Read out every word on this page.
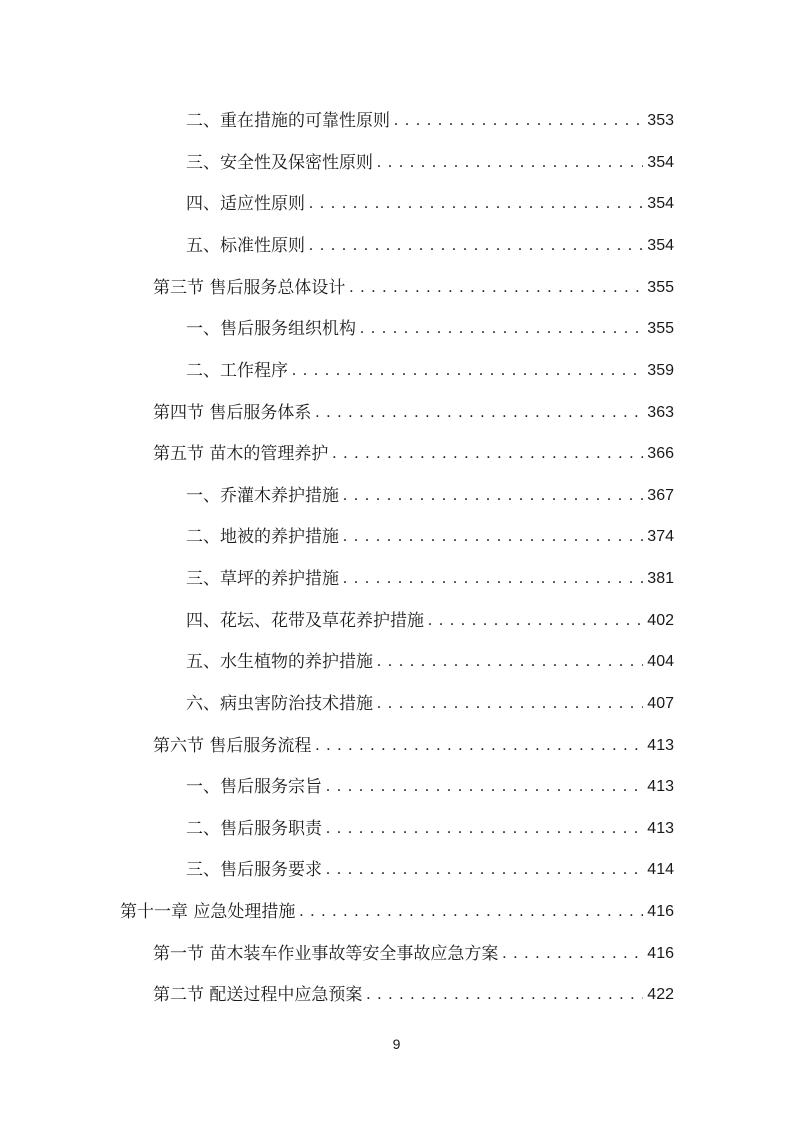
二、重在措施的可靠性原则 . . .	353
三、安全性及保密性原则 . . .	354
四、适应性原则 . . .	354
五、标准性原则 . . .	354
第三节 售后服务总体设计 . . .	355
一、售后服务组织机构 . . .	355
二、工作程序 . . .	359
第四节 售后服务体系 . . .	363
第五节 苗木的管理养护 . . .	366
一、乔灌木养护措施 . . .	367
二、地被的养护措施 . . .	374
三、草坪的养护措施 . . .	381
四、花坛、花带及草花养护措施 . . .	402
五、水生植物的养护措施 . . .	404
六、病虫害防治技术措施 . . .	407
第六节 售后服务流程 . . .	413
一、售后服务宗旨 . . .	413
二、售后服务职责 . . .	413
三、售后服务要求 . . .	414
第十一章 应急处理措施 . . .	416
第一节 苗木装车作业事故等安全事故应急方案 . . .	416
第二节 配送过程中应急预案 . . .	422
9
